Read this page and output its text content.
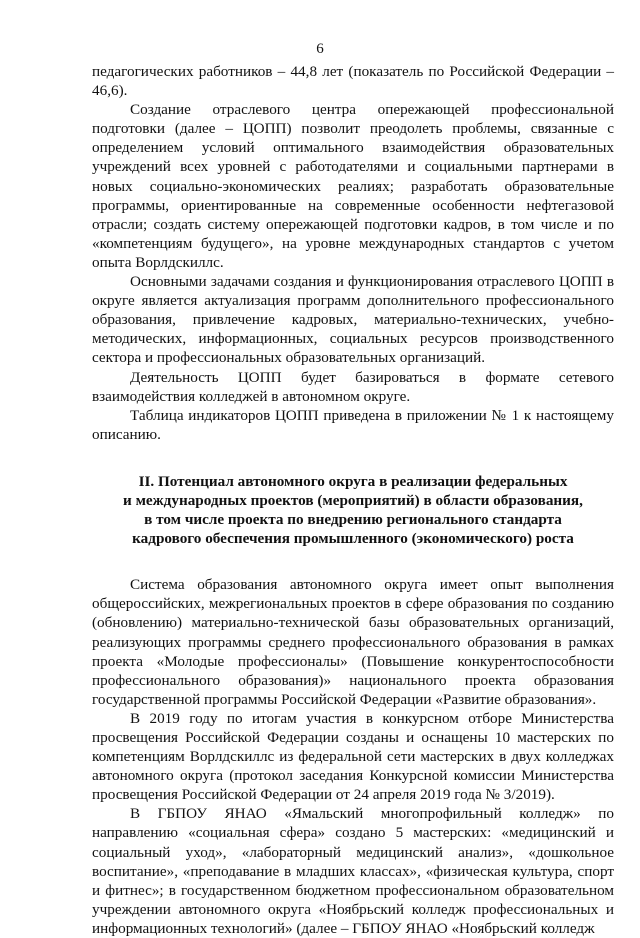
6

педагогических работников – 44,8 лет (показатель по Российской Федерации – 46,6).

Создание отраслевого центра опережающей профессиональной подготовки (далее – ЦОПП) позволит преодолеть проблемы, связанные с определением условий оптимального взаимодействия образовательных учреждений всех уровней с работодателями и социальными партнерами в новых социально-экономических реалиях; разработать образовательные программы, ориентированные на современные особенности нефтегазовой отрасли; создать систему опережающей подготовки кадров, в том числе и по «компетенциям будущего», на уровне международных стандартов с учетом опыта Ворлдскиллс.

Основными задачами создания и функционирования отраслевого ЦОПП в округе является актуализация программ дополнительного профессионального образования, привлечение кадровых, материально-технических, учебно-методических, информационных, социальных ресурсов производственного сектора и профессиональных образовательных организаций.

Деятельность ЦОПП будет базироваться в формате сетевого взаимодействия колледжей в автономном округе.

Таблица индикаторов ЦОПП приведена в приложении № 1 к настоящему описанию.

II. Потенциал автономного округа в реализации федеральных
и международных проектов (мероприятий) в области образования,
в том числе проекта по внедрению регионального стандарта
кадрового обеспечения промышленного (экономического) роста

Система образования автономного округа имеет опыт выполнения общероссийских, межрегиональных проектов в сфере образования по созданию (обновлению) материально-технической базы образовательных организаций, реализующих программы среднего профессионального образования в рамках проекта «Молодые профессионалы» (Повышение конкурентоспособности профессионального образования)» национального проекта образования государственной программы Российской Федерации «Развитие образования».

В 2019 году по итогам участия в конкурсном отборе Министерства просвещения Российской Федерации созданы и оснащены 10 мастерских по компетенциям Ворлдскиллс из федеральной сети мастерских в двух колледжах автономного округа (протокол заседания Конкурсной комиссии Министерства просвещения Российской Федерации от 24 апреля 2019 года № 3/2019).

В ГБПОУ ЯНАО «Ямальский многопрофильный колледж» по направлению «социальная сфера» создано 5 мастерских: «медицинский и социальный уход», «лабораторный медицинский анализ», «дошкольное воспитание», «преподавание в младших классах», «физическая культура, спорт и фитнес»; в государственном бюджетном профессиональном образовательном учреждении автономного округа «Ноябрьский колледж профессиональных и информационных технологий» (далее – ГБПОУ ЯНАО «Ноябрьский колледж
